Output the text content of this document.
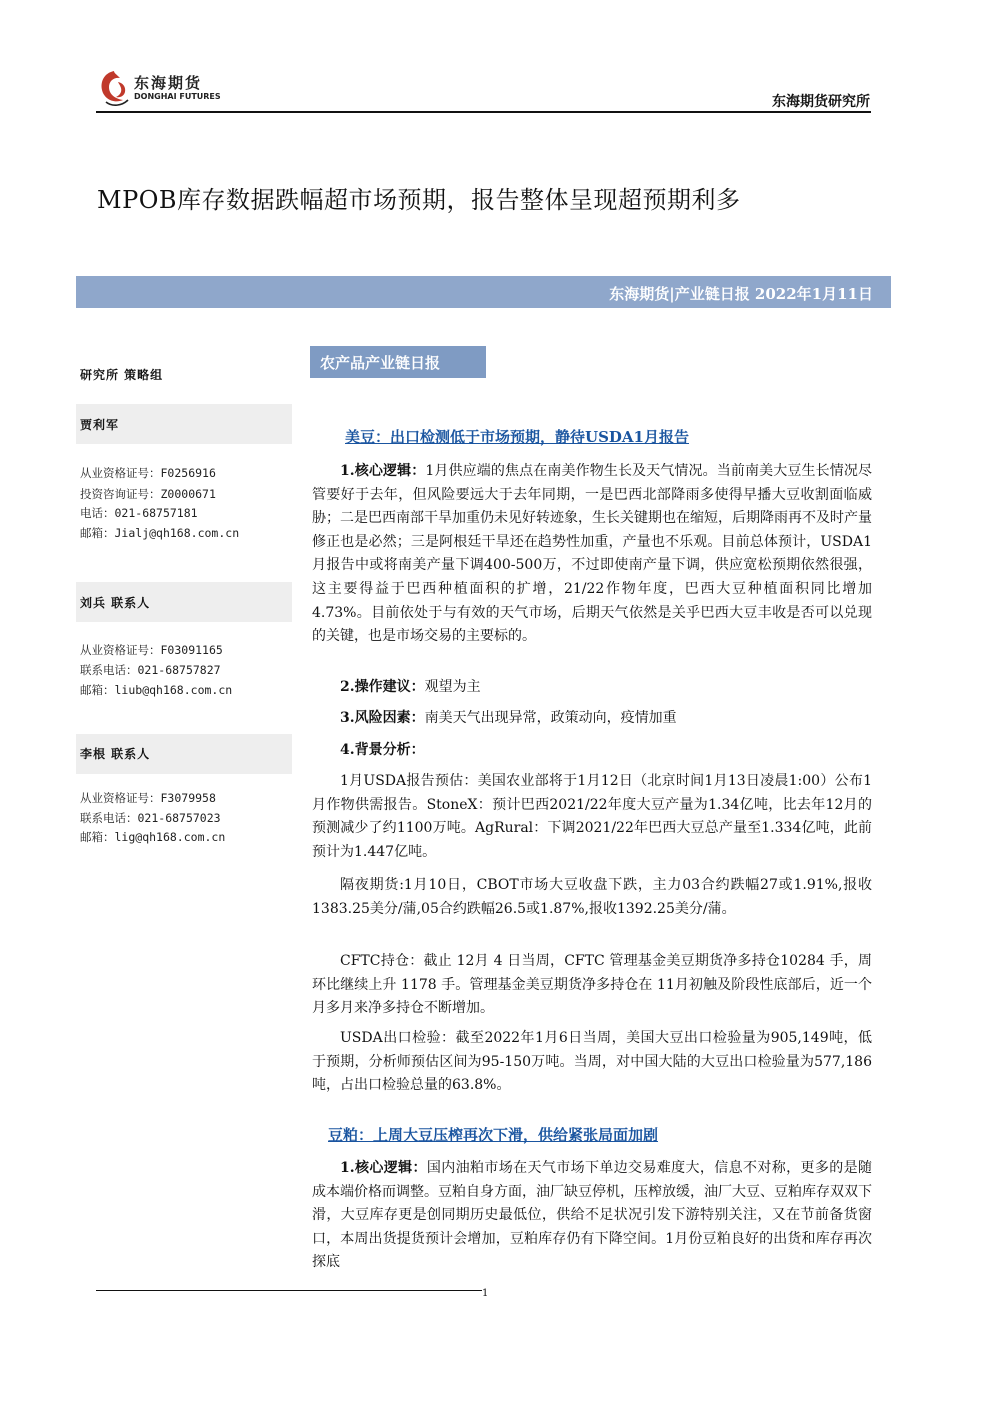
东海期货
DONGHAI FUTURES	东海期货研究所
MPOB库存数据跌幅超市场预期，报告整体呈现超预期利多
东海期货|产业链日报 2022年1月11日
研究所 策略组
贾利军
从业资格证号：F0256916
投资咨询证号：Z0000671
电话：021-68757181
邮箱：Jialj@qh168.com.cn
刘兵 联系人
从业资格证号：F03091165
联系电话：021-68757827
邮箱：liub@qh168.com.cn
李根 联系人
从业资格证号：F3079958
联系电话：021-68757023
邮箱：lig@qh168.com.cn
农产品产业链日报
美豆：出口检测低于市场预期，静待USDA1月报告
1.核心逻辑：1月供应端的焦点在南美作物生长及天气情况。当前南美大豆生长情况尽管要好于去年，但风险要远大于去年同期，一是巴西北部降雨多使得早播大豆收割面临威胁；二是巴西南部干旱加重仍未见好转迹象，生长关键期也在缩短，后期降雨再不及时产量修正也是必然；三是阿根廷干旱还在趋势性加重，产量也不乐观。目前总体预计，USDA1月报告中或将南美产量下调400-500万，不过即使南产量下调，供应宽松预期依然很强，这主要得益于巴西种植面积的扩增，21/22作物年度，巴西大豆种植面积同比增加4.73%。目前依处于与有效的天气市场，后期天气依然是关乎巴西大豆丰收是否可以兑现的关键，也是市场交易的主要标的。
2.操作建议：观望为主
3.风险因素：南美天气出现异常，政策动向，疫情加重
4.背景分析：
1月USDA报告预估：美国农业部将于1月12日（北京时间1月13日凌晨1:00）公布1月作物供需报告。StoneX：预计巴西2021/22年度大豆产量为1.34亿吨，比去年12月的预测减少了约1100万吨。AgRural：下调2021/22年巴西大豆总产量至1.334亿吨，此前预计为1.447亿吨。
隔夜期货:1月10日，CBOT市场大豆收盘下跌，主力03合约跌幅27或1.91%,报收1383.25美分/蒲,05合约跌幅26.5或1.87%,报收1392.25美分/蒲。
CFTC持仓：截止 12月 4 日当周，CFTC 管理基金美豆期货净多持仓10284 手，周环比继续上升 1178 手。管理基金美豆期货净多持仓在 11月初触及阶段性底部后，近一个月多月来净多持仓不断增加。
USDA出口检验：截至2022年1月6日当周，美国大豆出口检验量为905,149吨，低于预期，分析师预估区间为95-150万吨。当周，对中国大陆的大豆出口检验量为577,186吨，占出口检验总量的63.8%。
豆粕：上周大豆压榨再次下滑，供给紧张局面加剧
1.核心逻辑：国内油粕市场在天气市场下单边交易难度大，信息不对称，更多的是随成本端价格而调整。豆粕自身方面，油厂缺豆停机，压榨放缓，油厂大豆、豆粕库存双双下滑，大豆库存更是创同期历史最低位，供给不足状况引发下游特别关注，又在节前备货窗口，本周出货提货预计会增加，豆粕库存仍有下降空间。1月份豆粕良好的出货和库存再次探底
1
